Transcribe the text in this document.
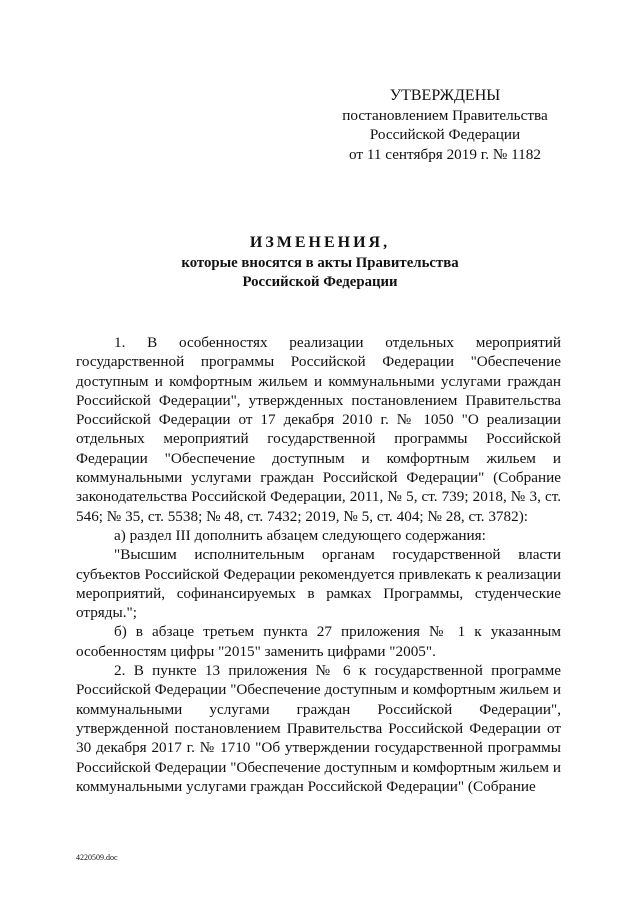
УТВЕРЖДЕНЫ
постановлением Правительства
Российской Федерации
от 11 сентября 2019 г. № 1182
ИЗМЕНЕНИЯ,
которые вносятся в акты Правительства
Российской Федерации

1. В особенностях реализации отдельных мероприятий государственной программы Российской Федерации "Обеспечение доступным и комфортным жильем и коммунальными услугами граждан Российской Федерации", утвержденных постановлением Правительства Российской Федерации от 17 декабря 2010 г. № 1050 "О реализации отдельных мероприятий государственной программы Российской Федерации "Обеспечение доступным и комфортным жильем и коммунальными услугами граждан Российской Федерации" (Собрание законодательства Российской Федерации, 2011, № 5, ст. 739; 2018, № 3, ст. 546; № 35, ст. 5538; № 48, ст. 7432; 2019, № 5, ст. 404; № 28, ст. 3782):

а) раздел III дополнить абзацем следующего содержания:

"Высшим исполнительным органам государственной власти субъектов Российской Федерации рекомендуется привлекать к реализации мероприятий, софинансируемых в рамках Программы, студенческие отряды.";

б) в абзаце третьем пункта 27 приложения № 1 к указанным особенностям цифры "2015" заменить цифрами "2005".

2. В пункте 13 приложения № 6 к государственной программе Российской Федерации "Обеспечение доступным и комфортным жильем и коммунальными услугами граждан Российской Федерации", утвержденной постановлением Правительства Российской Федерации от 30 декабря 2017 г. № 1710 "Об утверждении государственной программы Российской Федерации "Обеспечение доступным и комфортным жильем и коммунальными услугами граждан Российской Федерации" (Собрание

4220509.doc
